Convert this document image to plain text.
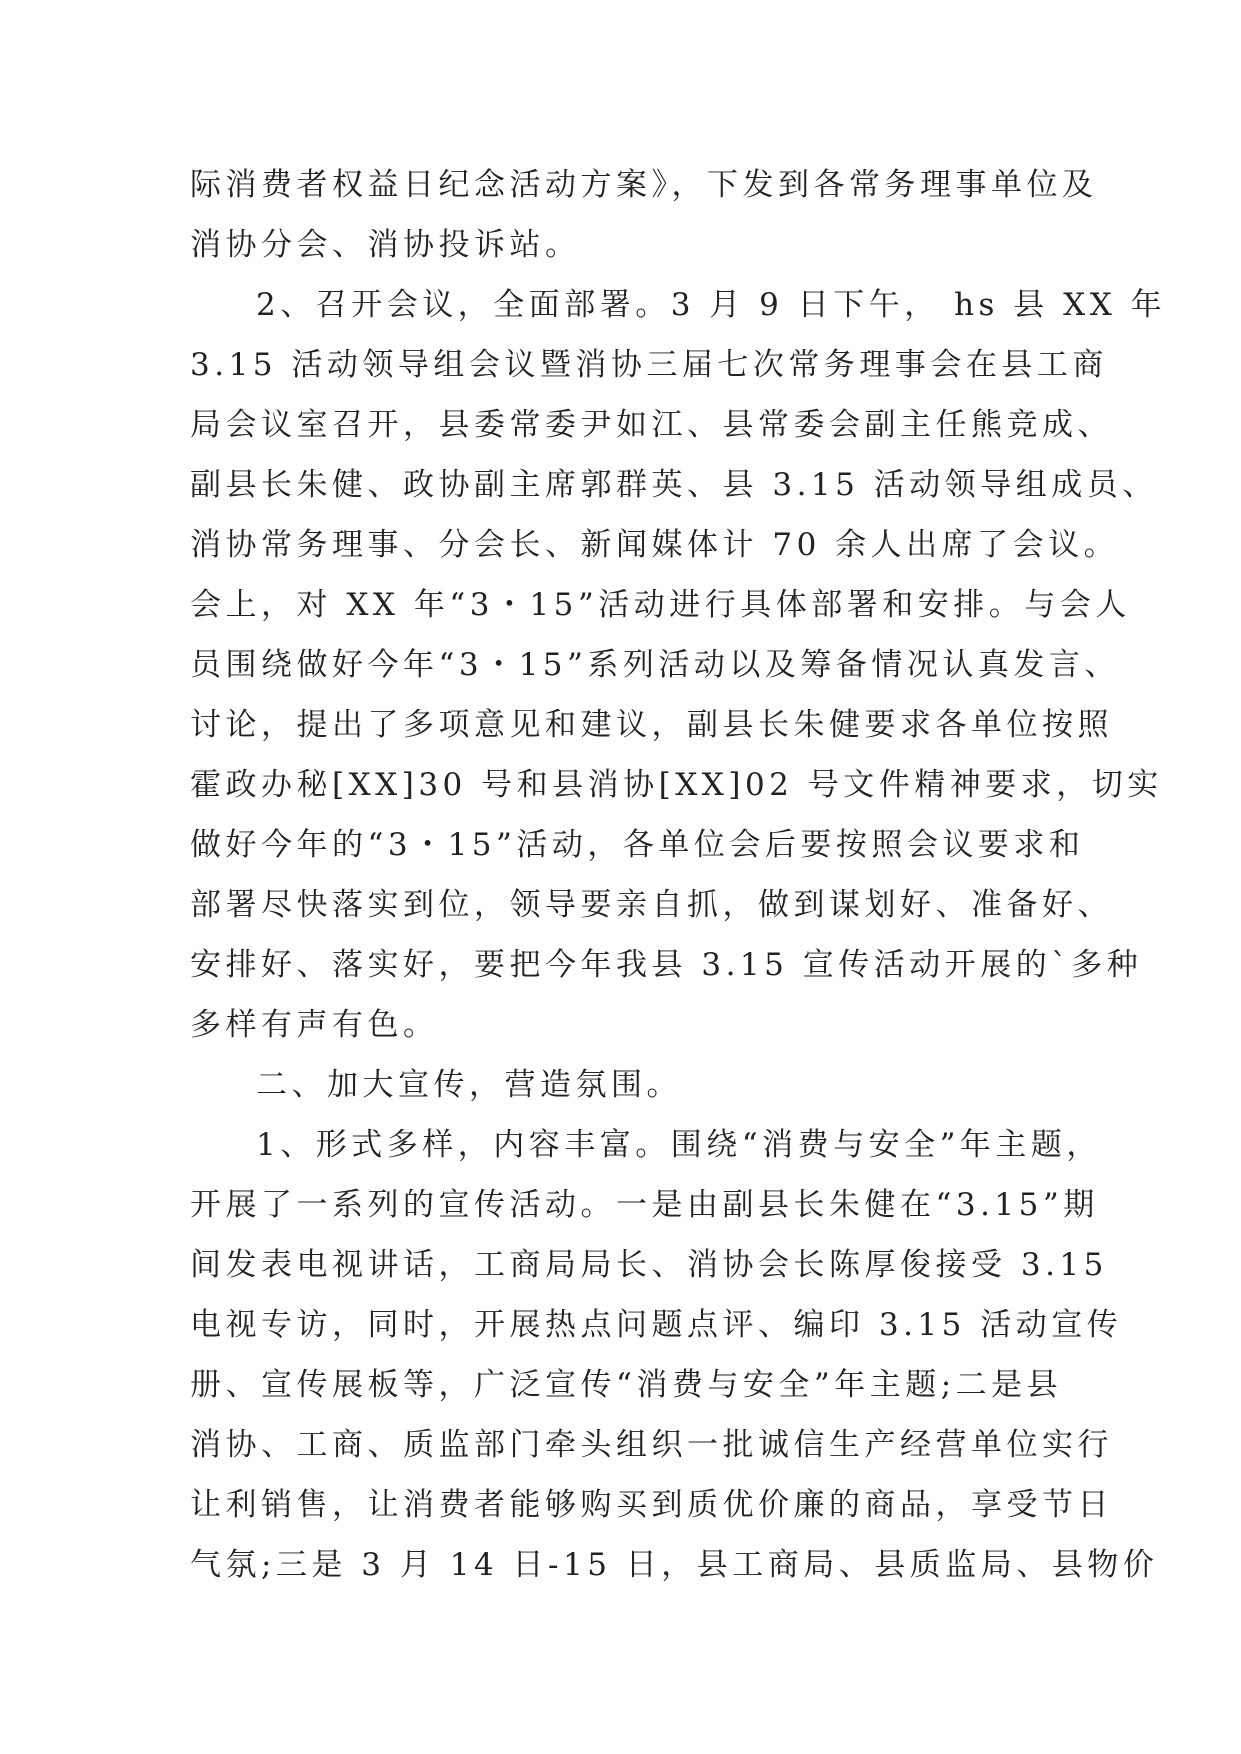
际消费者权益日纪念活动方案》，下发到各常务理事单位及
消协分会、消协投诉站。
2、召开会议，全面部署。3 月 9 日下午， hs 县 XX 年
3.15 活动领导组会议暨消协三届七次常务理事会在县工商
局会议室召开，县委常委尹如江、县常委会副主任熊竞成、
副县长朱健、政协副主席郭群英、县 3.15 活动领导组成员、
消协常务理事、分会长、新闻媒体计 70 余人出席了会议。
会上，对 XX 年“3・15”活动进行具体部署和安排。与会人
员围绕做好今年“3・15”系列活动以及筹备情况认真发言、
讨论，提出了多项意见和建议，副县长朱健要求各单位按照
霍政办秘[XX]30 号和县消协[XX]02 号文件精神要求，切实
做好今年的“3・15”活动，各单位会后要按照会议要求和
部署尽快落实到位，领导要亲自抓，做到谋划好、准备好、
安排好、落实好，要把今年我县 3.15 宣传活动开展的`多种
多样有声有色。
二、加大宣传，营造氛围。
1、形式多样，内容丰富。围绕“消费与安全”年主题，
开展了一系列的宣传活动。一是由副县长朱健在“3.15”期
间发表电视讲话，工商局局长、消协会长陈厚俊接受 3.15
电视专访，同时，开展热点问题点评、编印 3.15 活动宣传
册、宣传展板等，广泛宣传“消费与安全”年主题;二是县
消协、工商、质监部门牵头组织一批诚信生产经营单位实行
让利销售，让消费者能够购买到质优价廉的商品，享受节日
气氛;三是 3 月 14 日-15 日，县工商局、县质监局、县物价
